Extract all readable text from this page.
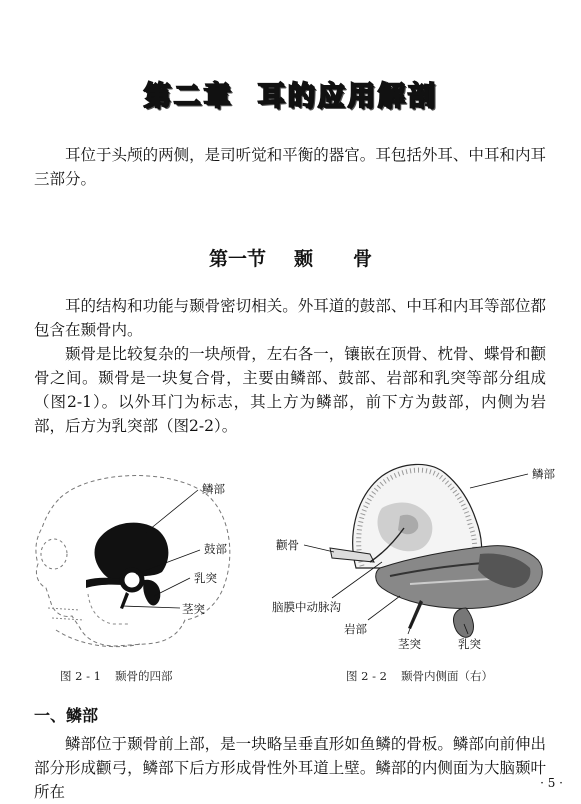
第二章 耳的应用解剖

耳位于头颅的两侧，是司听觉和平衡的器官。耳包括外耳、中耳和内耳三部分。

第一节 颞 骨

耳的结构和功能与颞骨密切相关。外耳道的鼓部、中耳和内耳等部位都包含在颞骨内。

颞骨是比较复杂的一块颅骨，左右各一，镶嵌在顶骨、枕骨、蝶骨和颧骨之间。颞骨是一块复合骨，主要由鳞部、鼓部、岩部和乳突等部分组成（图2-1）。以外耳门为标志，其上方为鳞部，前下方为鼓部，内侧为岩部，后方为乳突部（图2-2）。

鳞部
鼓部
乳突
茎突
图 2 - 1 颞骨的四部
鳞部
颧骨
脑膜中动脉沟
岩部
茎突	乳突
图 2 - 2 颞骨内侧面（右）
一、鳞部

鳞部位于颞骨前上部，是一块略呈垂直形如鱼鳞的骨板。鳞部向前伸出部分形成颧弓，鳞部下后方形成骨性外耳道上壁。鳞部的内侧面为大脑颞叶所在	· 5 ·
